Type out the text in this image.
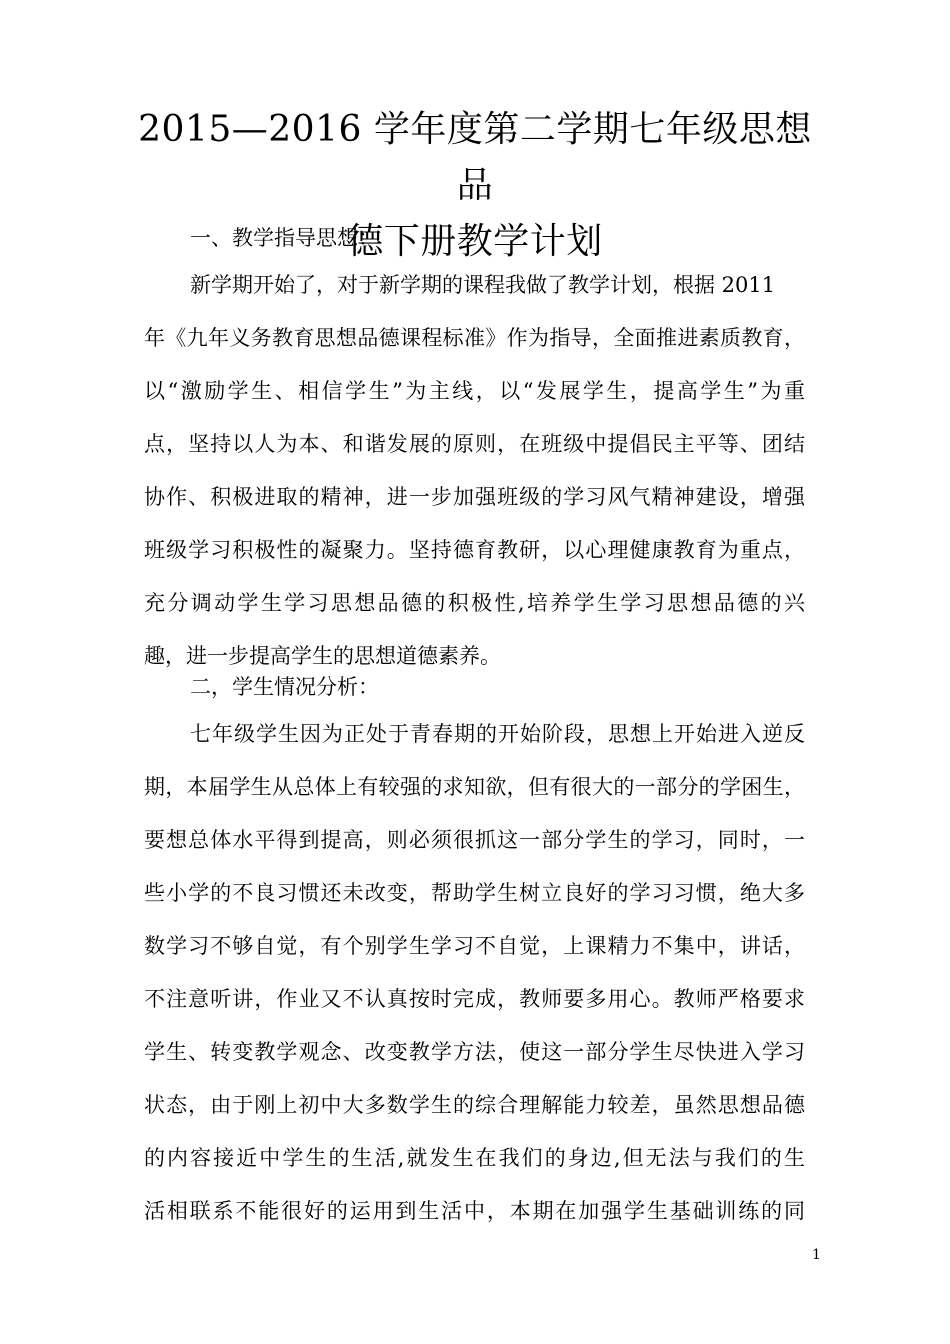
2015—2016 学年度第二学期七年级思想品
德下册教学计划
一、教学指导思想：
新学期开始了，对于新学期的课程我做了教学计划，根据 2011
年《九年义务教育思想品德课程标准》作为指导，全面推进素质教育，
以“激励学生、相信学生”为主线，以“发展学生，提高学生”为重
点，坚持以人为本、和谐发展的原则，在班级中提倡民主平等、团结
协作、积极进取的精神，进一步加强班级的学习风气精神建设，增强
班级学习积极性的凝聚力。坚持德育教研，以心理健康教育为重点，
充分调动学生学习思想品德的积极性,培养学生学习思想品德的兴
趣，进一步提高学生的思想道德素养。
二，学生情况分析：
七年级学生因为正处于青春期的开始阶段，思想上开始进入逆反
期，本届学生从总体上有较强的求知欲，但有很大的一部分的学困生，
要想总体水平得到提高，则必须很抓这一部分学生的学习，同时，一
些小学的不良习惯还未改变，帮助学生树立良好的学习习惯，绝大多
数学习不够自觉，有个别学生学习不自觉，上课精力不集中，讲话，
不注意听讲，作业又不认真按时完成，教师要多用心。教师严格要求
学生、转变教学观念、改变教学方法，使这一部分学生尽快进入学习
状态，由于刚上初中大多数学生的综合理解能力较差，虽然思想品德
的内容接近中学生的生活,就发生在我们的身边,但无法与我们的生
活相联系不能很好的运用到生活中，本期在加强学生基础训练的同
1
